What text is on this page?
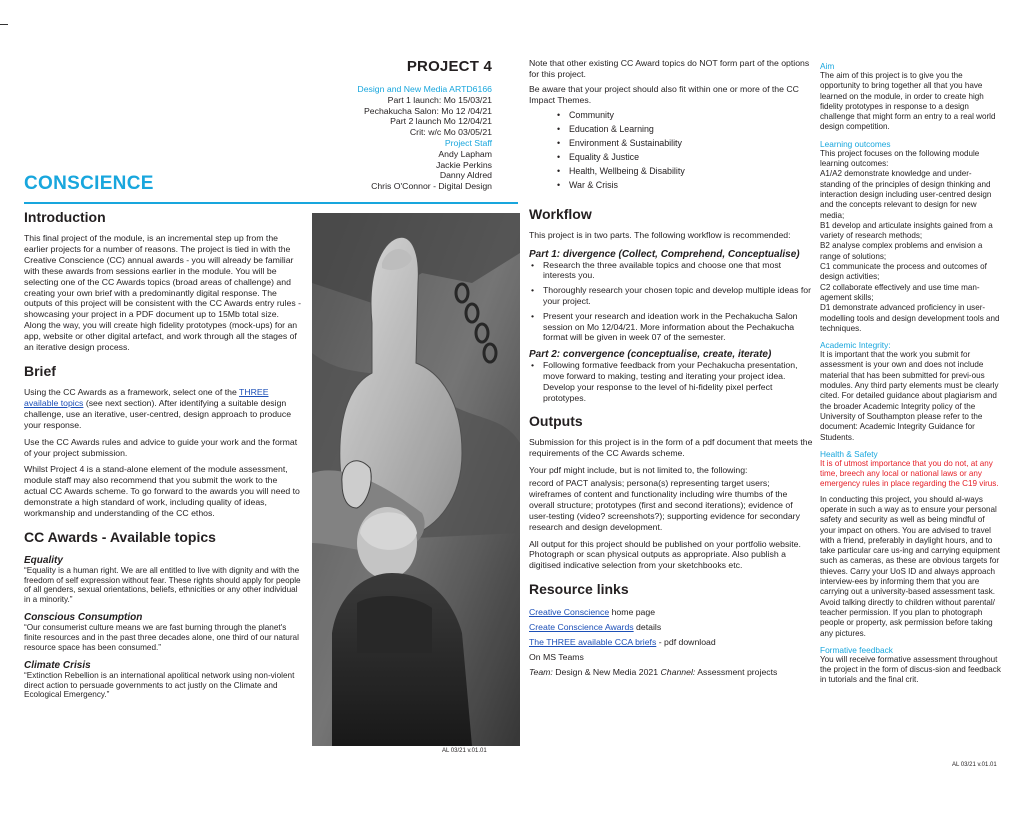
PROJECT 4
Design and New Media ARTD6166
Part 1 launch: Mo 15/03/21
Pechakucha Salon: Mo 12 /04/21
Part 2 launch Mo 12/04/21
Crit: w/c Mo 03/05/21
Project Staff
Andy Lapham
Jackie Perkins
Danny Aldred
Chris O'Connor - Digital Design
CONSCIENCE
Introduction

This final project of the module, is an incremental step up from the earlier projects for a number of reasons. The project is tied in with the Creative Conscience (CC) annual awards - you will already be familiar with these awards from sessions earlier in the module. You will be selecting one of the CC Awards topics (broad areas of challenge) and creating your own brief with a predominantly digital response. The outputs of this project will be consistent with the CC Awards entry rules - showcasing your project in a PDF document up to 15Mb total size. Along the way, you will create high fidelity prototypes (mock-ups) for an app, website or other digital artefact, and work through all the stages of an iterative design process.

Brief

Using the CC Awards as a framework, select one of the THREE available topics (see next section). After identifying a suitable design challenge, use an iterative, user-centred, design approach to produce your response.

Use the CC Awards rules and advice to guide your work and the format of your project submission.

Whilst Project 4 is a stand-alone element of the module assessment, module staff may also recommend that you submit the work to the actual CC Awards scheme. To go forward to the awards you will need to demonstrate a high standard of work, including quality of ideas, workmanship and understanding of the CC ethos.

CC Awards - Available topics

Equality

“Equality is a human right. We are all entitled to live with dignity and with the freedom of self expression without fear. These rights should apply for people of all genders, sexual orientations, beliefs, ethnicities or any other individual in a minority.”

Conscious Consumption

“Our consumerist culture means we are fast burning through the planet's finite resources and in the past three decades alone, one third of our natural resource space has been consumed.”

Climate Crisis

“Extinction Rebellion is an international apolitical network using non-violent direct action to persuade governments to act justly on the Climate and Ecological Emergency.”

AL 03/21 v.01.01

Note that other existing CC Award topics do NOT form part of the options for this project.

Be aware that your project should also fit within one or more of the CC Impact Themes.

• Community
• Education & Learning
• Environment & Sustainability
• Equality & Justice
• Health, Wellbeing & Disability
• War & Crisis
Workflow

This project is in two parts. The following workflow is recommended:

Part 1: divergence (Collect, Comprehend, Conceptualise)

• Research the three available topics and choose one that most interests you.
• Thoroughly research your chosen topic and develop multiple ideas for your project.
• Present your research and ideation work in the Pechakucha Salon session on Mo 12/04/21. More information about the Pechakucha format will be given in week 07 of the semester.

Part 2: convergence (conceptualise, create, iterate)

• Following formative feedback from your Pechakucha presentation, move forward to making, testing and iterating your project idea. Develop your response to the level of hi-fidelity pixel perfect prototypes.
Outputs

Submission for this project is in the form of a pdf document that meets the requirements of the CC Awards scheme.

Your pdf might include, but is not limited to, the following:

record of PACT analysis; persona(s) representing target users; wireframes of content and functionality including wire thumbs of the overall structure; prototypes (first and second iterations); evidence of user-testing (video? screenshots?); supporting evidence for secondary research and design development.

All output for this project should be published on your portfolio website. Photograph or scan physical outputs as appropriate. Also publish a digitised indicative selection from your sketchbooks etc.

Resource links
Creative Conscience home page
Create Conscience Awards details
The THREE available CCA briefs - pdf download
On MS Teams
Team: Design & New Media 2021 Channel: Assessment projects

Aim

The aim of this project is to give you the opportunity to bring together all that you have learned on the module, in order to create high fidelity prototypes in response to a design challenge that might form an entry to a real world design competition.

Learning outcomes

This project focuses on the following module learning outcomes:

A1/A2 demonstrate knowledge and under-standing of the principles of design thinking and interaction design including user-centred design and the concepts relevant to design for new media;

B1 develop and articulate insights gained from a variety of research methods;

B2 analyse complex problems and envision a range of solutions;

C1 communicate the process and outcomes of design activities;

C2 collaborate effectively and use time man-agement skills;

D1 demonstrate advanced proficiency in user-modelling tools and design development tools and techniques.

Academic Integrity:

It is important that the work you submit for assessment is your own and does not include material that has been submitted for previ-ous modules. Any third party elements must be clearly cited. For detailed guidance about plagiarism and the broader Academic Integrity policy of the University of Southampton please refer to the document: Academic Integrity Guidance for Students.

Health & Safety

It is of utmost importance that you do not, at any time, breech any local or national laws or any emergency rules in place regarding the C19 virus.

In conducting this project, you should al-ways operate in such a way as to ensure your personal safety and security as well as being mindful of your impact on others. You are advised to travel with a friend, preferably in daylight hours, and to take particular care us-ing and carrying equipment such as cameras, as these are obvious targets for thieves. Carry your UoS ID and always approach interview-ees by informing them that you are carrying out a university-based assessment task. Avoid talking directly to children without parental/ teacher permission. If you plan to photograph people or property, ask permission before taking any pictures.

Formative feedback

You will receive formative assessment throughout the project in the form of discus-sion and feedback in tutorials and the final crit.

AL 03/21 v.01.01
